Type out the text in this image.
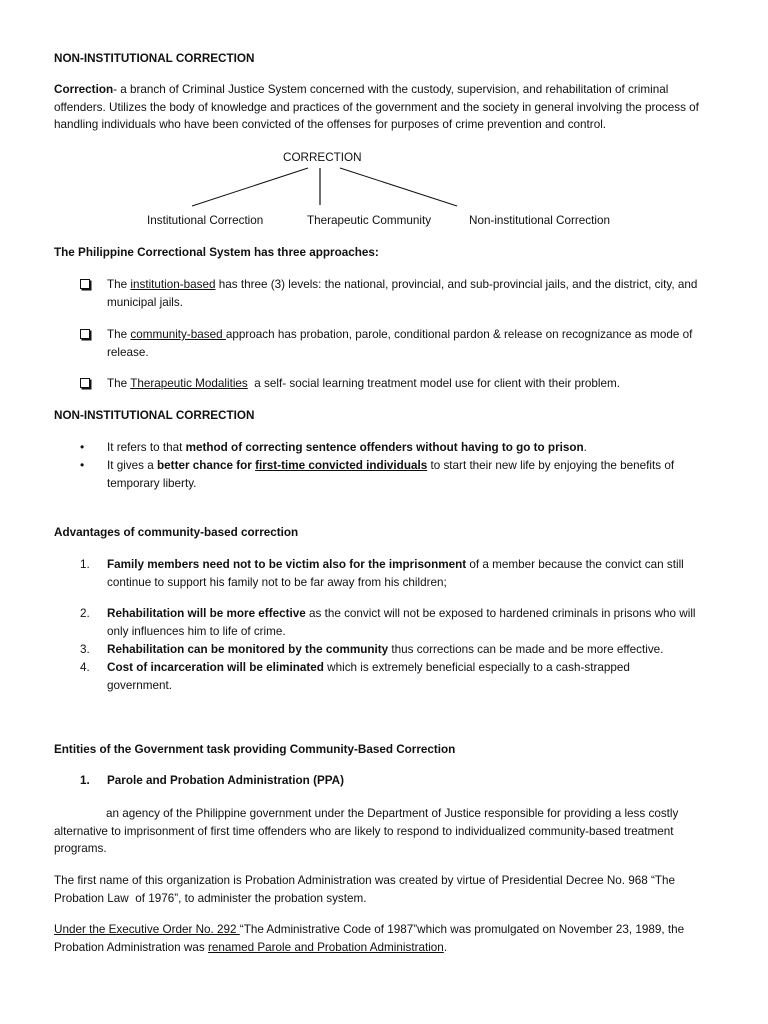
NON-INSTITUTIONAL CORRECTION
Correction- a branch of Criminal Justice System concerned with the custody, supervision, and rehabilitation of criminal offenders. Utilizes the body of knowledge and practices of the government and the society in general involving the process of handling individuals who have been convicted of the offenses for purposes of crime prevention and control.
CORRECTION
Institutional Correction	Therapeutic Community	Non-institutional Correction
The Philippine Correctional System has three approaches:
The institution-based has three (3) levels: the national, provincial, and sub-provincial jails, and the district, city, and municipal jails.
The community-based approach has probation, parole, conditional pardon & release on recognizance as mode of release.
The Therapeutic Modalities  a self- social learning treatment model use for client with their problem.
NON-INSTITUTIONAL CORRECTION
• It refers to that method of correcting sentence offenders without having to go to prison.
• It gives a better chance for first-time convicted individuals to start their new life by enjoying the benefits of temporary liberty.
Advantages of community-based correction
1. Family members need not to be victim also for the imprisonment of a member because the convict can still continue to support his family not to be far away from his children;
2. Rehabilitation will be more effective as the convict will not be exposed to hardened criminals in prisons who will only influences him to life of crime.
3. Rehabilitation can be monitored by the community thus corrections can be made and be more effective.
4. Cost of incarceration will be eliminated which is extremely beneficial especially to a cash-strapped government.
Entities of the Government task providing Community-Based Correction
1. Parole and Probation Administration (PPA)
an agency of the Philippine government under the Department of Justice responsible for providing a less costly alternative to imprisonment of first time offenders who are likely to respond to individualized community-based treatment programs.
The first name of this organization is Probation Administration was created by virtue of Presidential Decree No. 968 “The Probation Law  of 1976”, to administer the probation system.
Under the Executive Order No. 292 “The Administrative Code of 1987”which was promulgated on November 23, 1989, the Probation Administration was renamed Parole and Probation Administration.
